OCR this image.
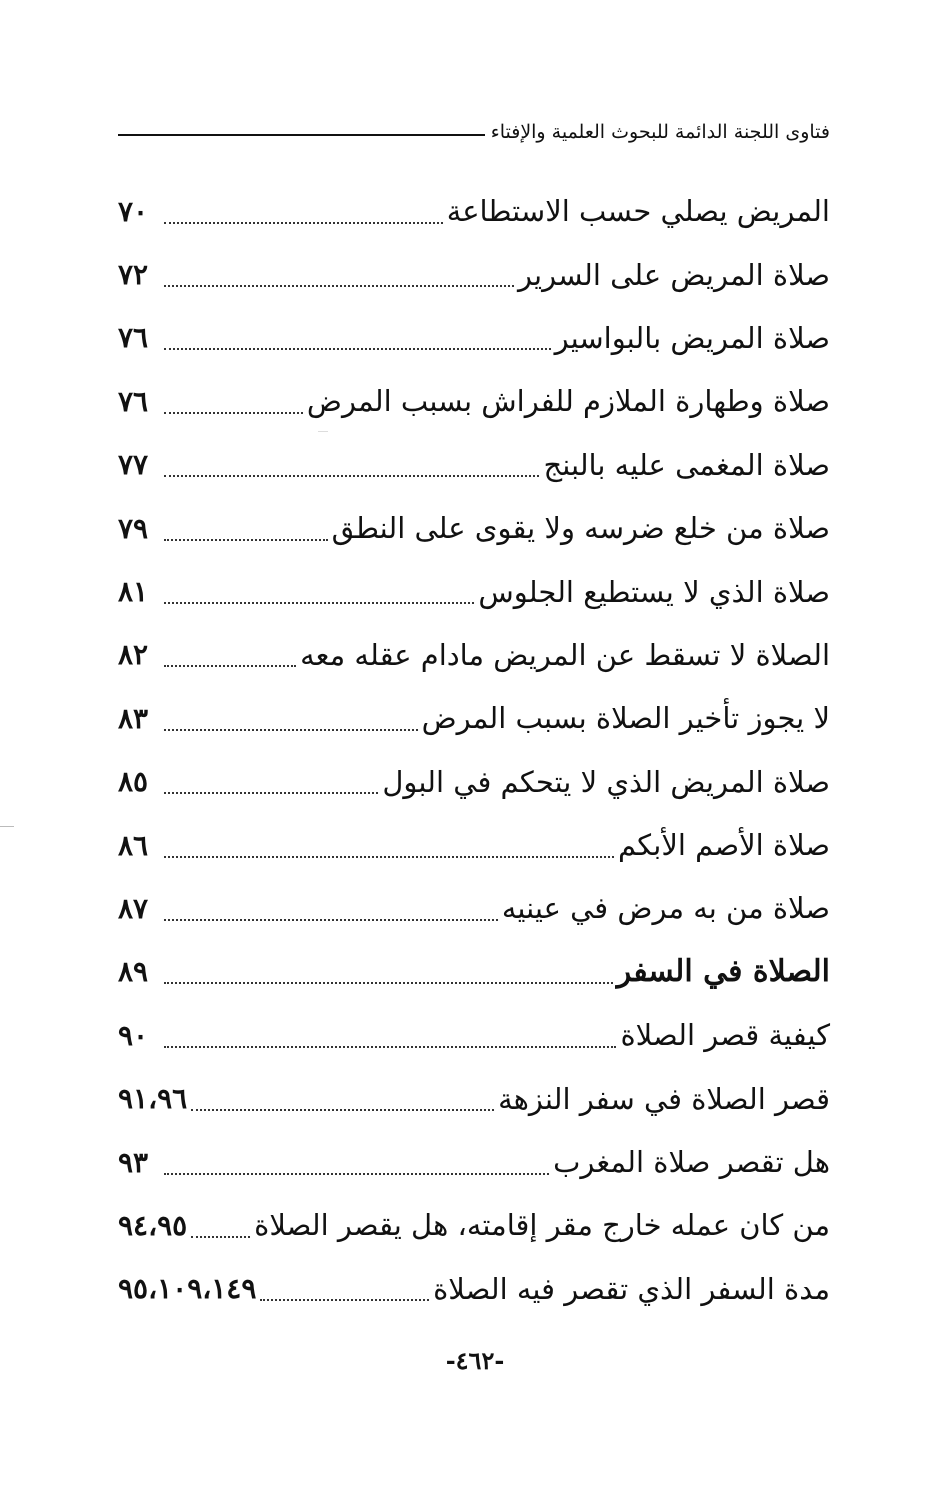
فتاوى اللجنة الدائمة للبحوث العلمية والإفتاء
المريض يصلي حسب الاستطاعة
٧٠
صلاة المريض على السرير
٧٢
صلاة المريض بالبواسير
٧٦
صلاة وطهارة الملازم للفراش بسبب المرض
٧٦
صلاة المغمى عليه بالبنج
٧٧
صلاة من خلع ضرسه ولا يقوى على النطق
٧٩
صلاة الذي لا يستطيع الجلوس
٨١
الصلاة لا تسقط عن المريض مادام عقله معه
٨٢
لا يجوز تأخير الصلاة بسبب المرض
٨٣
صلاة المريض الذي لا يتحكم في البول
٨٥
صلاة الأصم الأبكم
٨٦
صلاة من به مرض في عينيه
٨٧
الصلاة في السفر
٨٩
كيفية قصر الصلاة
٩٠
قصر الصلاة في سفر النزهة
٩١،٩٦
هل تقصر صلاة المغرب
٩٣
من كان عمله خارج مقر إقامته، هل يقصر الصلاة
٩٤،٩٥
مدة السفر الذي تقصر فيه الصلاة
٩٥،١٠٩،١٤٩
-٤٦٢-
